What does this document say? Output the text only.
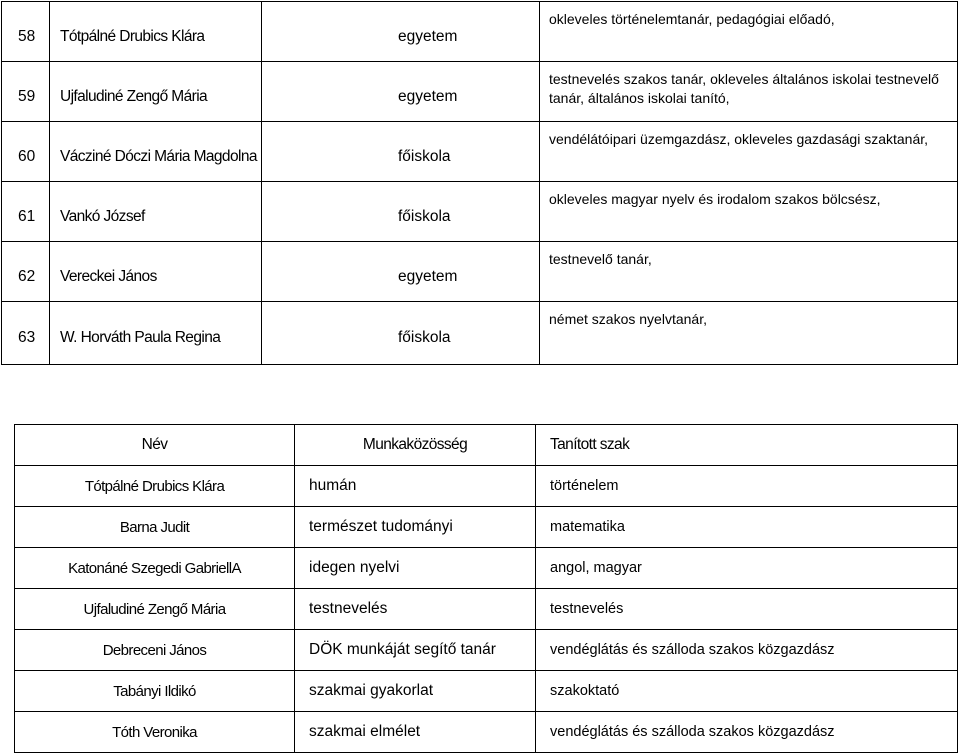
58	Tótpálné Drubics Klára	egyetem	okleveles történelemtanár, pedagógiai előadó,
59	Ujfaludiné Zengő Mária	egyetem	testnevelés szakos tanár, okleveles általános iskolai testnevelő tanár, általános iskolai tanító,
60	Vácziné Dóczi Mária Magdolna	főiskola	vendélátóipari üzemgazdász, okleveles gazdasági szaktanár,
61	Vankó József	főiskola	okleveles magyar nyelv és irodalom szakos bölcsész,
62	Vereckei János	egyetem	testnevelő tanár,
63	W. Horváth Paula Regina	főiskola	német szakos nyelvtanár,
Név	Munkaközösség	Tanított szak
Tótpálné Drubics Klára	humán	történelem
Barna Judit	természet tudományi	matematika
Katonáné Szegedi GabriellA	idegen nyelvi	angol, magyar
Ujfaludiné Zengő Mária	testnevelés	testnevelés
Debreceni János	DÖK munkáját segítő tanár	vendéglátás és szálloda szakos közgazdász
Tabányi Ildikó	szakmai gyakorlat	szakoktató
Tóth Veronika	szakmai elmélet	vendéglátás és szálloda szakos közgazdász
